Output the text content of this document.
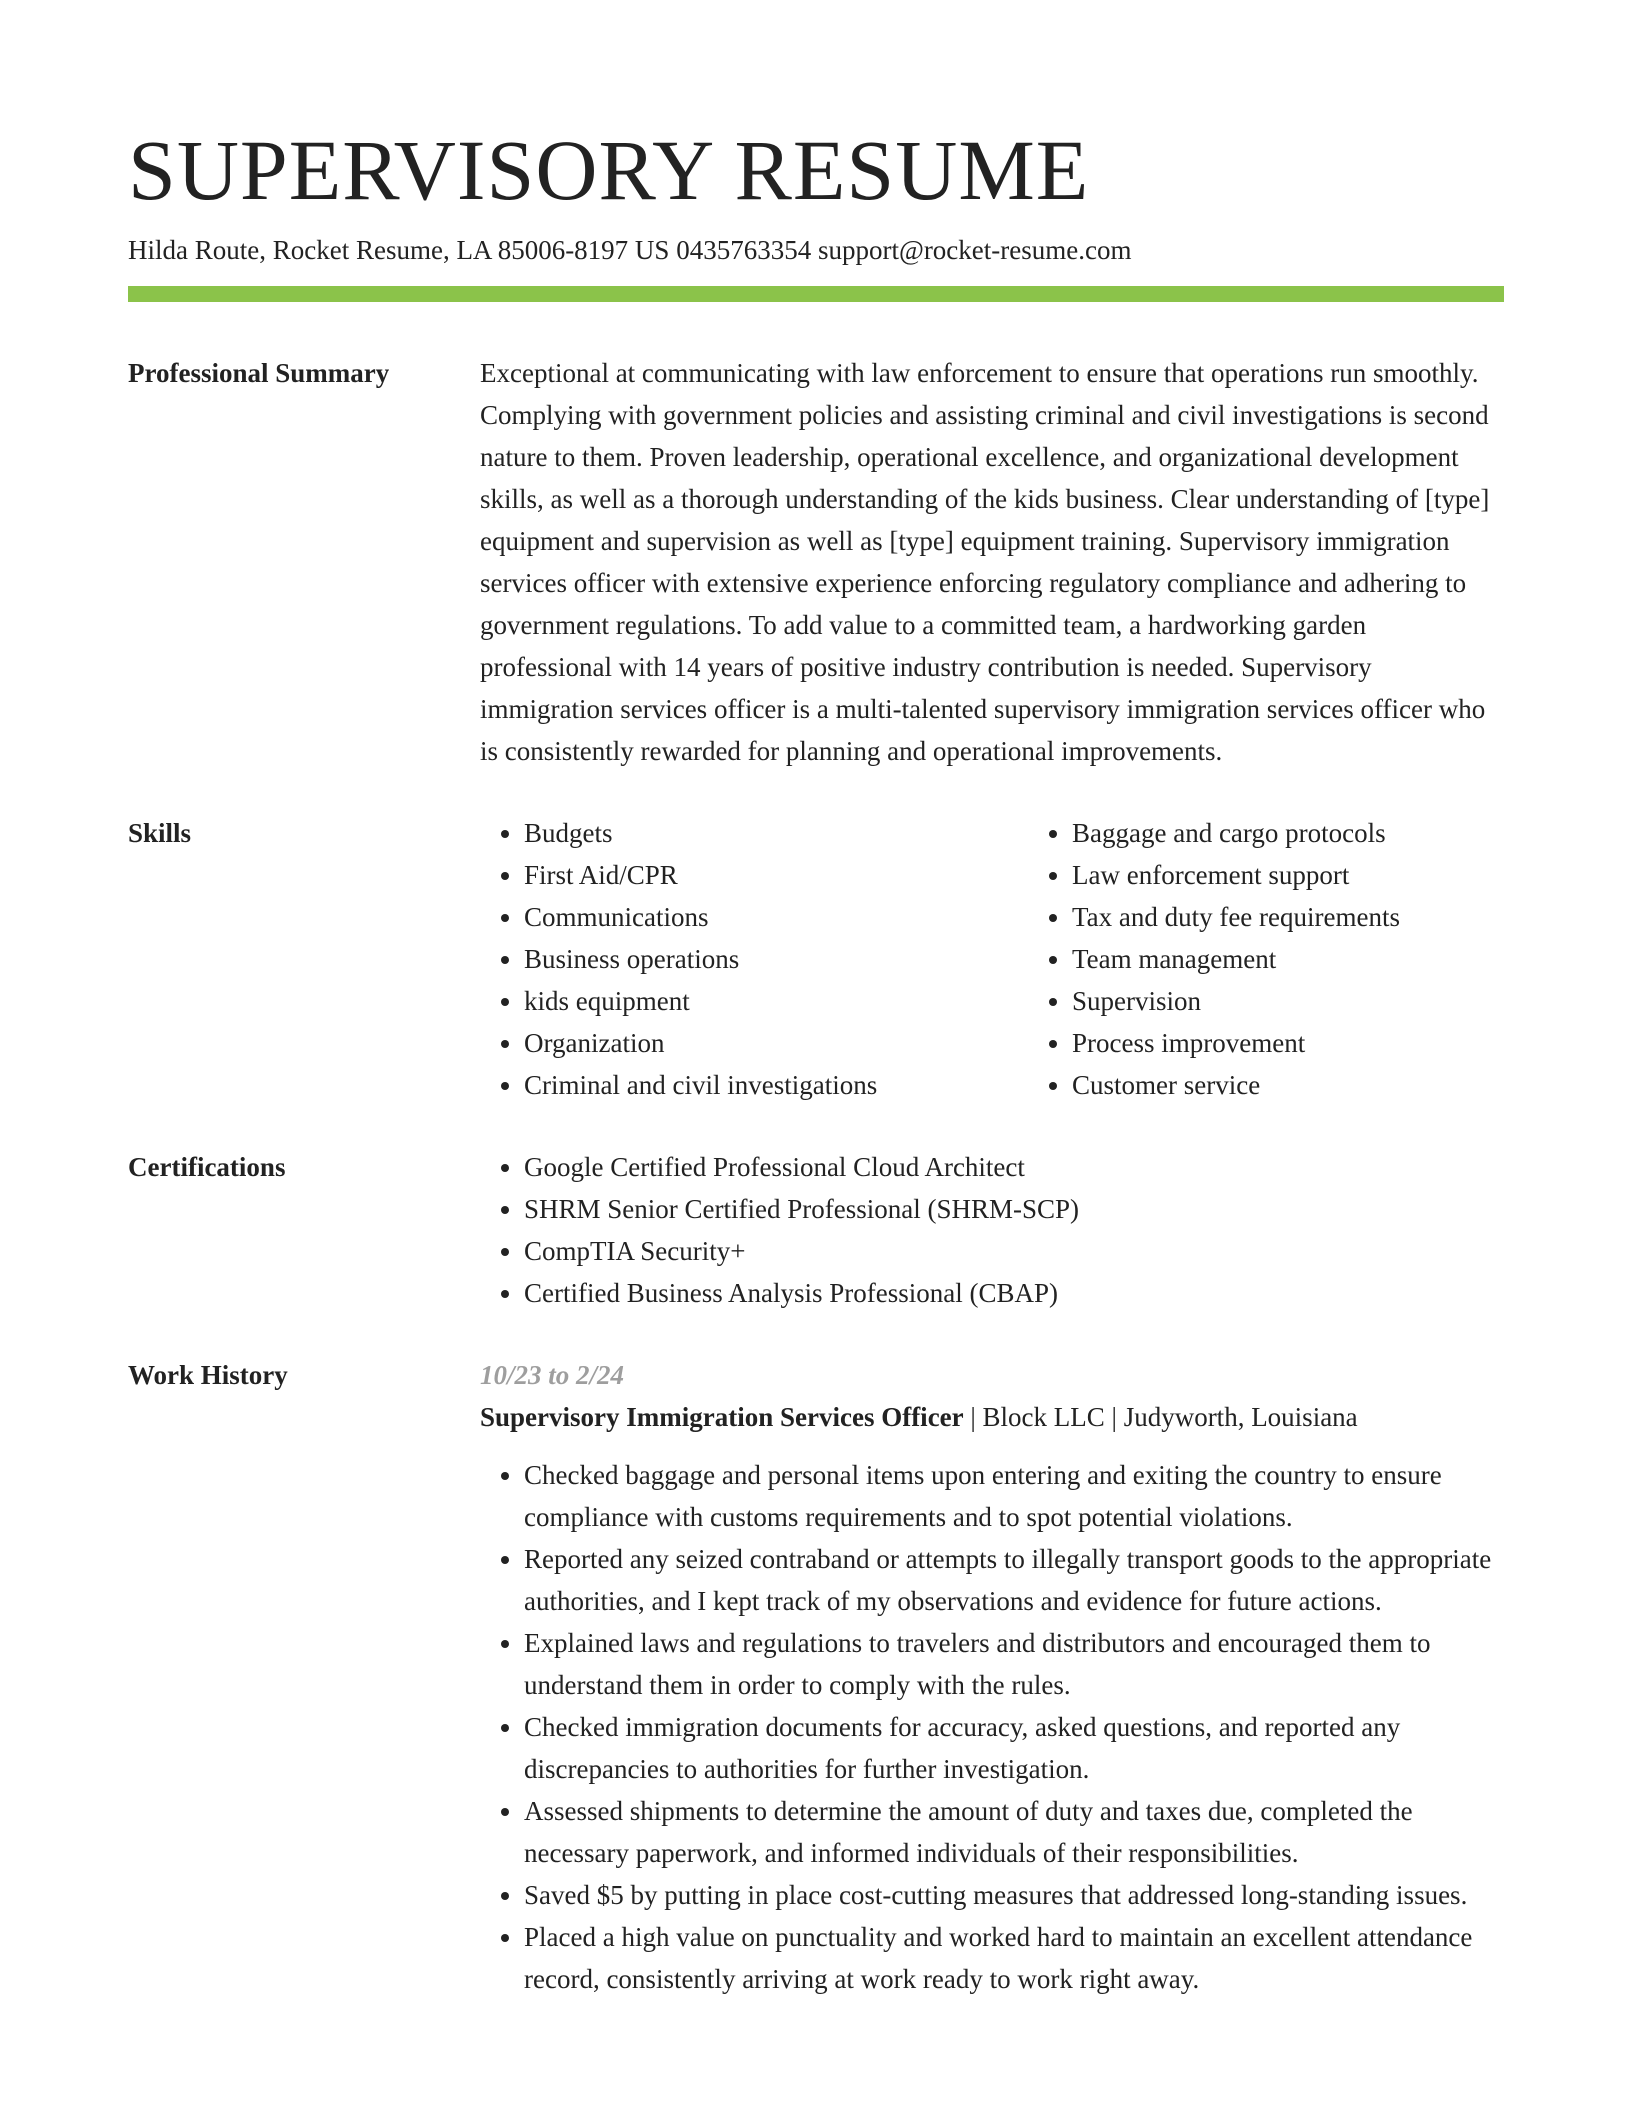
SUPERVISORY RESUME
Hilda Route, Rocket Resume, LA 85006-8197 US 0435763354 support@rocket-resume.com
Professional Summary	Exceptional at communicating with law enforcement to ensure that operations run smoothly. Complying with government policies and assisting criminal and civil investigations is second nature to them. Proven leadership, operational excellence, and organizational development skills, as well as a thorough understanding of the kids business. Clear understanding of [type] equipment and supervision as well as [type] equipment training. Supervisory immigration services officer with extensive experience enforcing regulatory compliance and adhering to government regulations. To add value to a committed team, a hardworking garden professional with 14 years of positive industry contribution is needed. Supervisory immigration services officer is a multi-talented supervisory immigration services officer who is consistently rewarded for planning and operational improvements.

Skills	• Budgets
• First Aid/CPR
• Communications
• Business operations
• kids equipment
• Organization
• Criminal and civil investigations
• Baggage and cargo protocols
• Law enforcement support
• Tax and duty fee requirements
• Team management
• Supervision
• Process improvement
• Customer service
Certifications	• Google Certified Professional Cloud Architect
• SHRM Senior Certified Professional (SHRM-SCP)
• CompTIA Security+
• Certified Business Analysis Professional (CBAP)
Work History	10/23 to 2/24
Supervisory Immigration Services Officer | Block LLC | Judyworth, Louisiana
• Checked baggage and personal items upon entering and exiting the country to ensure compliance with customs requirements and to spot potential violations.
• Reported any seized contraband or attempts to illegally transport goods to the appropriate authorities, and I kept track of my observations and evidence for future actions.
• Explained laws and regulations to travelers and distributors and encouraged them to understand them in order to comply with the rules.
• Checked immigration documents for accuracy, asked questions, and reported any discrepancies to authorities for further investigation.
• Assessed shipments to determine the amount of duty and taxes due, completed the necessary paperwork, and informed individuals of their responsibilities.
• Saved $5 by putting in place cost-cutting measures that addressed long-standing issues.
• Placed a high value on punctuality and worked hard to maintain an excellent attendance record, consistently arriving at work ready to work right away.
